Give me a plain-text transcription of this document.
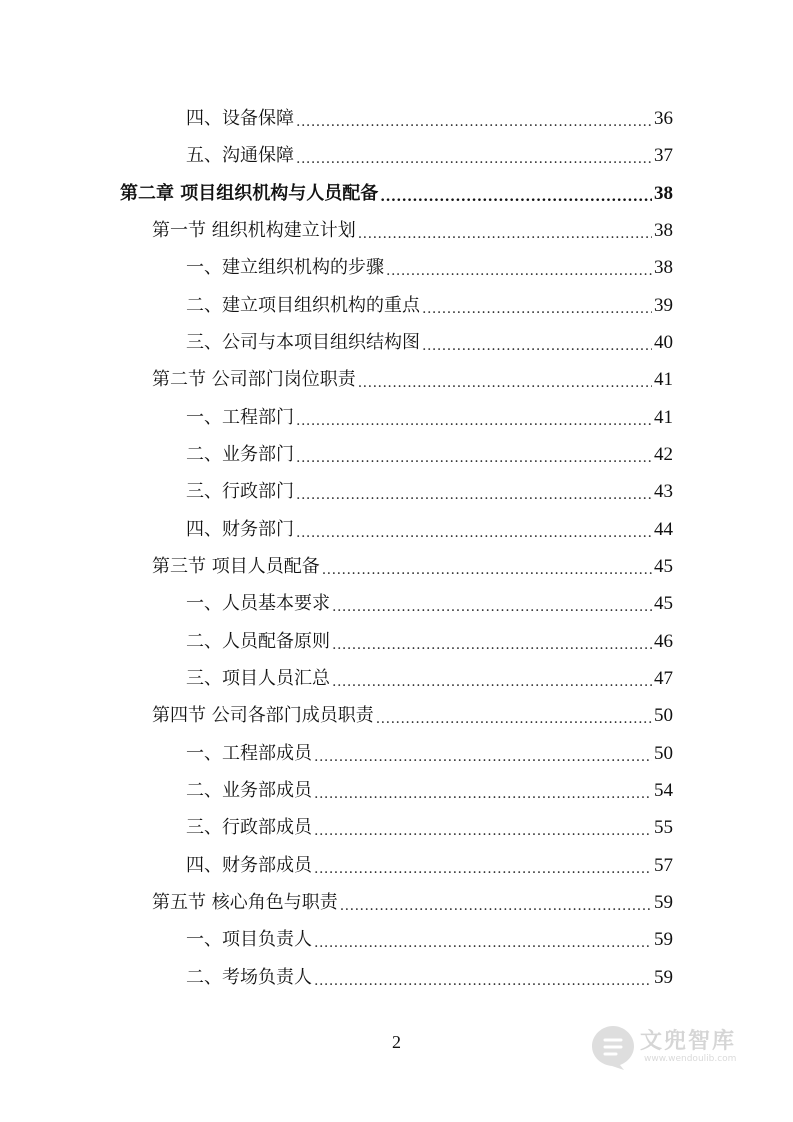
四、设备保障 .....	36
五、沟通保障 .....	37
第二章 项目组织机构与人员配备 .....	38
第一节 组织机构建立计划 .....	38
一、建立组织机构的步骤 .....	38
二、建立项目组织机构的重点 .....	39
三、公司与本项目组织结构图 .....	40
第二节 公司部门岗位职责 .....	41
一、工程部门 .....	41
二、业务部门 .....	42
三、行政部门 .....	43
四、财务部门 .....	44
第三节 项目人员配备 .....	45
一、人员基本要求 .....	45
二、人员配备原则 .....	46
三、项目人员汇总 .....	47
第四节 公司各部门成员职责 .....	50
一、工程部成员 .....	50
二、业务部成员 .....	54
三、行政部成员 .....	55
四、财务部成员 .....	57
第五节 核心角色与职责 .....	59
一、项目负责人 .....	59
二、考场负责人 .....	59
2	文兜智库
www.wendoulib.com
